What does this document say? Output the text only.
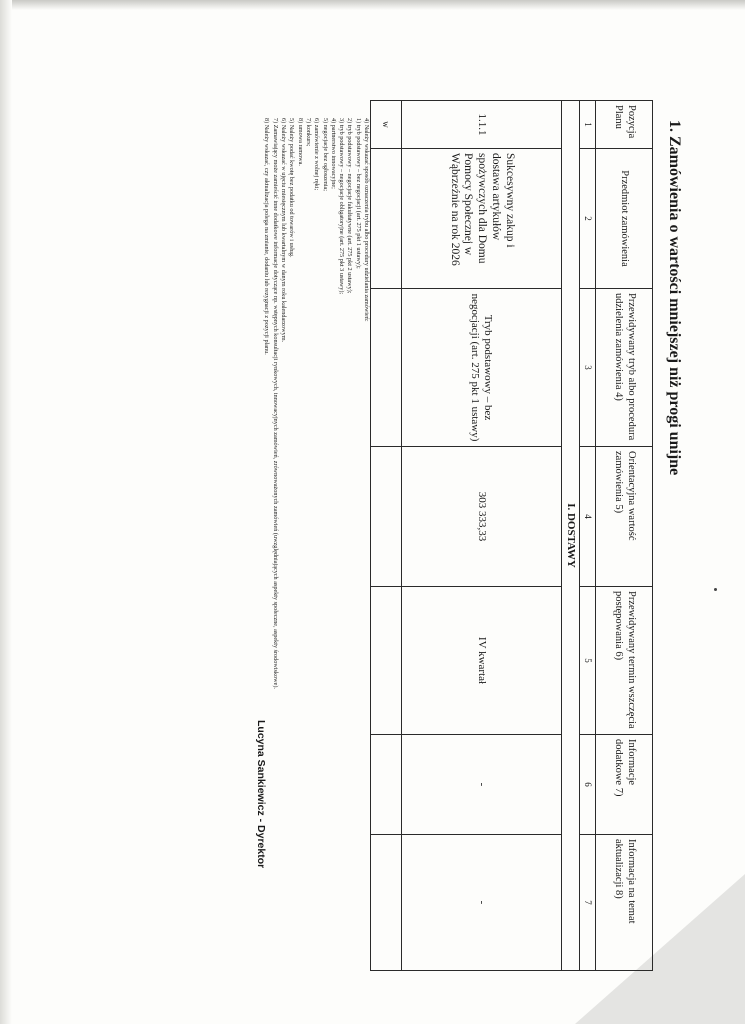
1. Zamówienia o wartości mniejszej niż progi unijne
Pozycja Planu	Przedmiot zamówienia	Przewidywany tryb albo procedura udzielenia zamówienia 4)	Orientacyjna wartość zamówienia 5)	Przewidywany termin wszczęcia postępowania 6)	Informacje dodatkowe 7)	Informacja na temat aktualizacji 8)
1	2	3	4	5	6	7
I. DOSTAWY						
1.1.1	Sukcesywny zakup i dostawa artykułów spożywczych dla Domu Pomocy Społecznej w Wąbrzeźnie na rok 2026	Tryb podstawowy – bez negocjacji (art. 275 pkt 1 ustawy)	303 333,33	IV kwartał	-	-
w						
4) Należy wskazać sposób oznaczenia trybu albo procedury udzielania zamówień:
1) tryb podstawowy – bez negocjacji (art. 275 pkt 1 ustawy);
2) tryb podstawowy – negocjacje fakultatywne (art. 275 pkt 2 ustawy);
3) tryb podstawowy – negocjacje obligatoryjne (art. 275 pkt 3 ustawy);
4) partnerstwo innowacyjne;
5) negocjacje bez ogłoszenia;
6) zamówienie z wolnej ręki;
7) konkurs;
8) umowa ramowa.
5) Należy podać kwotę bez podatku od towarów i usług.
6) Należy wskazać w ujęciu miesięcznym lub kwartalnym w danym roku kalendarzowym.
7) Zamawiający może zamieścić inne dodatkowe informacje dotyczące np. wstępnych konsultacji rynkowych, innowacyjnych zamówień, zrównoważonych zamówień (uwzględniających aspekty społeczne, aspekty środowiskowe).
8) Należy wskazać, czy aktualizacja polega na zmianie, dodaniu lub rezygnacji z pozycji planu.
Lucyna Sankiewicz - Dyrektor
